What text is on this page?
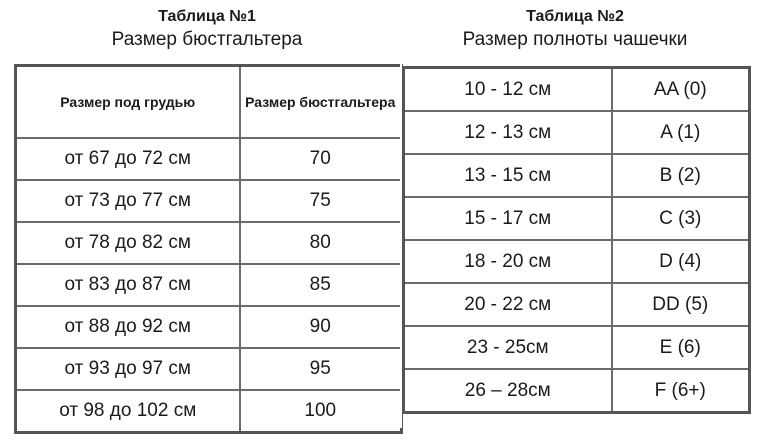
Таблица №1
Размер бюстгальтера
Таблица №2
Размер полноты чашечки
Размер под грудью	Размер бюстгальтера
от 67 до 72 см	70
от 73 до 77 см	75
от 78 до 82 см	80
от 83 до 87 см	85
от 88 до 92 см	90
от 93 до 97 см	95
от 98 до 102 см	100
10 - 12 см	AA (0)
12 - 13 см	A (1)
13 - 15 см	B (2)
15 - 17 см	C (3)
18 - 20 см	D (4)
20 - 22 см	DD (5)
23 - 25см	E (6)
26 – 28см	F (6+)
